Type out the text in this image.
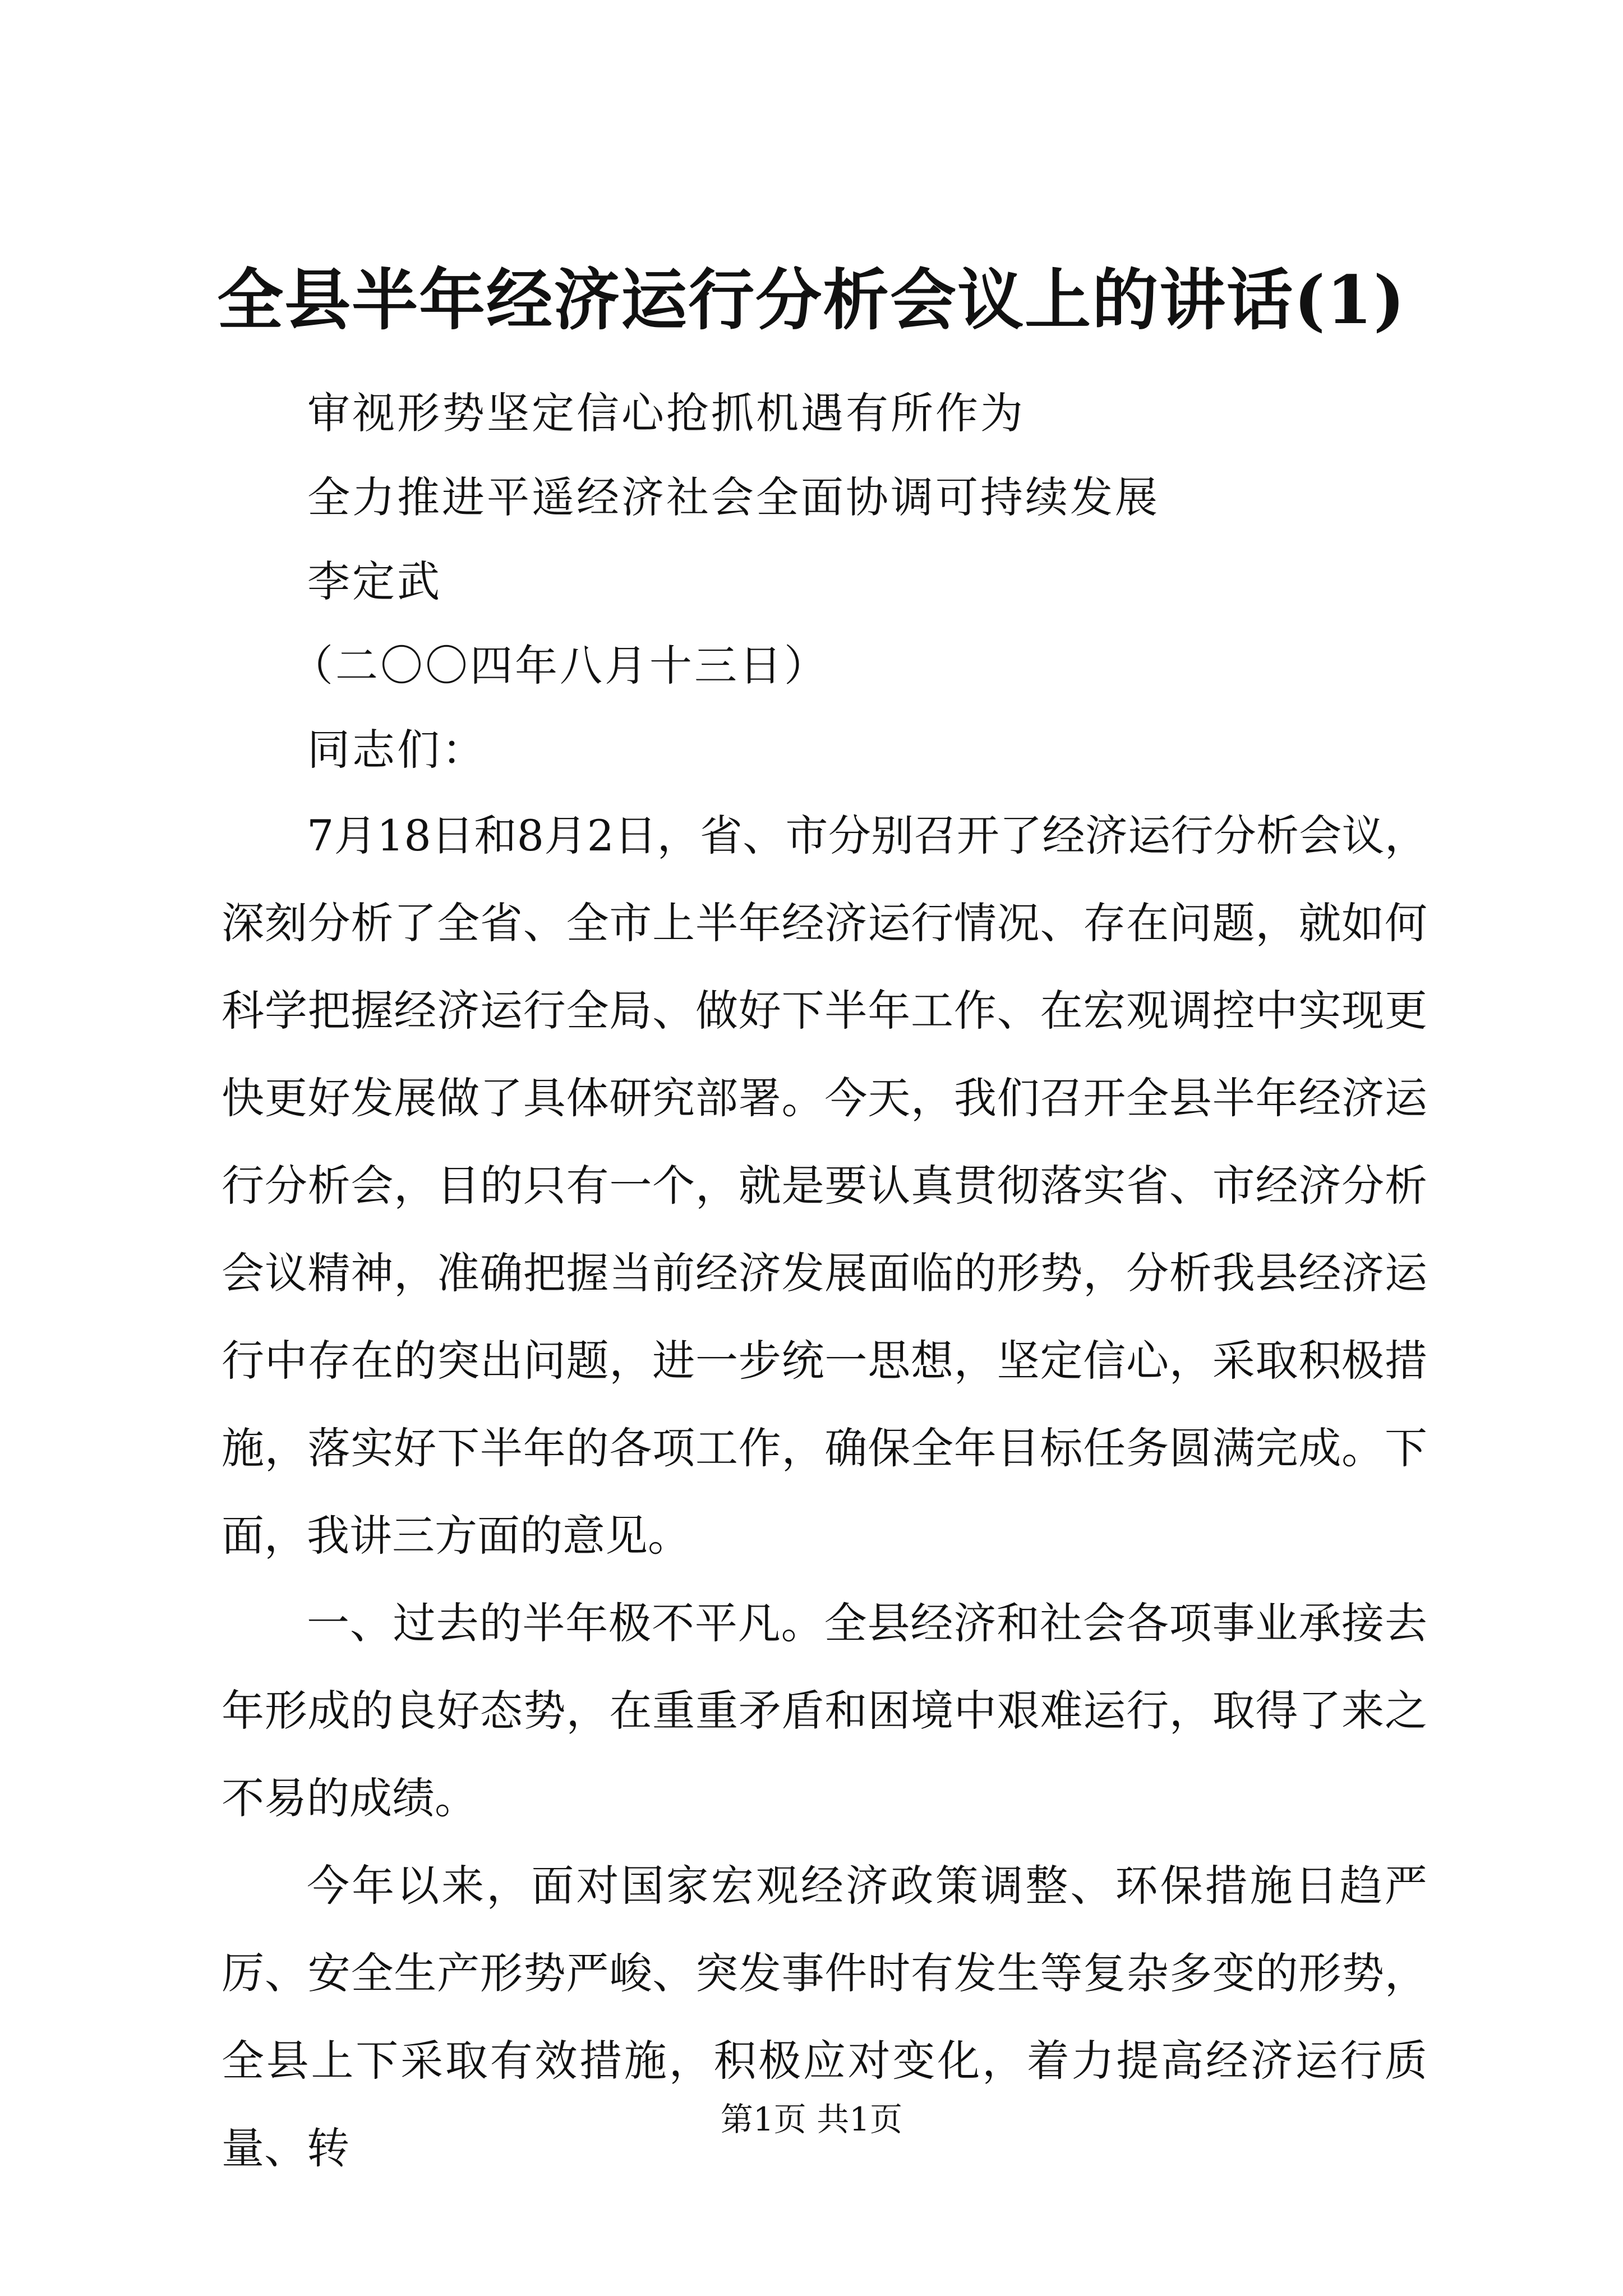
全县半年经济运行分析会议上的讲话(1)
审视形势坚定信心抢抓机遇有所作为
全力推进平遥经济社会全面协调可持续发展
李定武
（二〇〇四年八月十三日）
同志们：

7月18日和8月2日，省、市分别召开了经济运行分析会议，深刻分析了全省、全市上半年经济运行情况、存在问题，就如何科学把握经济运行全局、做好下半年工作、在宏观调控中实现更快更好发展做了具体研究部署。今天，我们召开全县半年经济运行分析会，目的只有一个，就是要认真贯彻落实省、市经济分析会议精神，准确把握当前经济发展面临的形势，分析我县经济运行中存在的突出问题，进一步统一思想，坚定信心，采取积极措施，落实好下半年的各项工作，确保全年目标任务圆满完成。下面，我讲三方面的意见。

一、过去的半年极不平凡。全县经济和社会各项事业承接去年形成的良好态势，在重重矛盾和困境中艰难运行，取得了来之不易的成绩。

今年以来，面对国家宏观经济政策调整、环保措施日趋严厉、安全生产形势严峻、突发事件时有发生等复杂多变的形势，全县上下采取有效措施，积极应对变化，着力提高经济运行质量、转

第1页 共1页
